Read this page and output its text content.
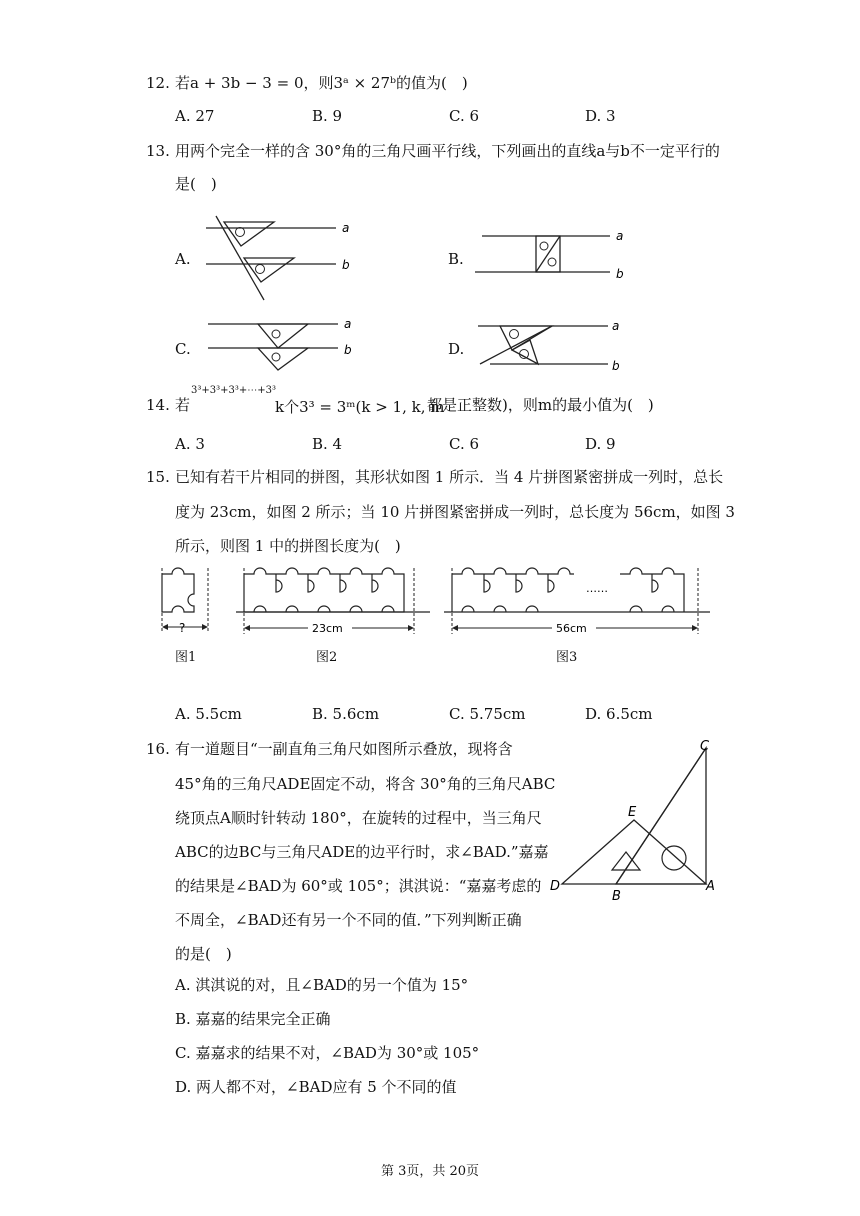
12. 若a + 3b − 3 = 0，则3ᵃ × 27ᵇ的值为(　)
A. 27	B. 9	C. 6	D. 3
13. 用两个完全一样的含 30°角的三角尺画平行线，下列画出的直线a与b不一定平行的
是(　)
A.
a
b	B.
a
b
C.
a
b	D.
a
b
14. 若
3³+3³+3³+⋯+3³
k个3³ = 3ᵐ(k > 1, k, m
都是正整数)，则m的最小值为(　)
A. 3	B. 4	C. 6	D. 9
15. 已知有若干片相同的拼图，其形状如图 1 所示．当 4 片拼图紧密拼成一列时，总长
度为 23cm，如图 2 所示；当 10 片拼图紧密拼成一列时，总长度为 56cm，如图 3
所示，则图 1 中的拼图长度为(　)
?	23cm
……
56cm
图1	图2	图3
A. 5.5cm	B. 5.6cm	C. 5.75cm	D. 6.5cm
16. 有一道题目“一副直角三角尺如图所示叠放，现将含
45°角的三角尺ADE固定不动，将含 30°角的三角尺ABC
绕顶点A顺时针转动 180°，在旋转的过程中，当三角尺
ABC的边BC与三角尺ADE的边平行时，求∠BAD.”嘉嘉
的结果是∠BAD为 60°或 105°；淇淇说：“嘉嘉考虑的
不周全，∠BAD还有另一个不同的值．”下列判断正确
的是(　)
C
E
D
B
A
A. 淇淇说的对，且∠BAD的另一个值为 15°
B. 嘉嘉的结果完全正确
C. 嘉嘉求的结果不对，∠BAD为 30°或 105°
D. 两人都不对，∠BAD应有 5 个不同的值
第 3页，共 20页
